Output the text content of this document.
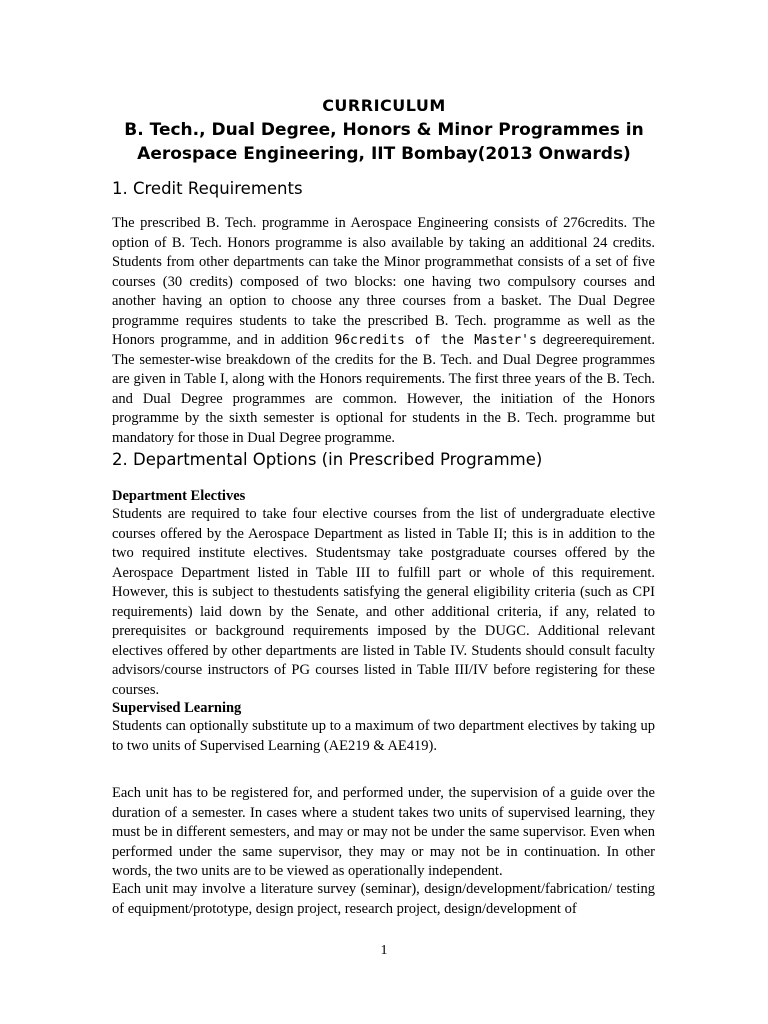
CURRICULUM
B. Tech., Dual Degree, Honors & Minor Programmes in
Aerospace Engineering, IIT Bombay(2013 Onwards)
1. Credit Requirements
The prescribed B. Tech. programme in Aerospace Engineering consists of 276credits. The option of B. Tech. Honors programme is also available by taking an additional 24 credits. Students from other departments can take the Minor programmethat consists of a set of five courses (30 credits) composed of two blocks: one having two compulsory courses and another having an option to choose any three courses from a basket. The Dual Degree programme requires students to take the prescribed B. Tech. programme as well as the Honors programme, and in addition 96credits of the Master's degreerequirement. The semester-wise breakdown of the credits for the B. Tech. and Dual Degree programmes are given in Table I, along with the Honors requirements. The first three years of the B. Tech. and Dual Degree programmes are common. However, the initiation of the Honors programme by the sixth semester is optional for students in the B. Tech. programme but mandatory for those in Dual Degree programme.
2. Departmental Options (in Prescribed Programme)
Department Electives
Students are required to take four elective courses from the list of undergraduate elective courses offered by the Aerospace Department as listed in Table II; this is in addition to the two required institute electives. Studentsmay take postgraduate courses offered by the Aerospace Department listed in Table III to fulfill part or whole of this requirement. However, this is subject to thestudents satisfying the general eligibility criteria (such as CPI requirements) laid down by the Senate, and other additional criteria, if any, related to prerequisites or background requirements imposed by the DUGC. Additional relevant electives offered by other departments are listed in Table IV. Students should consult faculty advisors/course instructors of PG courses listed in Table III/IV before registering for these courses.
Supervised Learning
Students can optionally substitute up to a maximum of two department electives by taking up to two units of Supervised Learning (AE219 & AE419).
Each unit has to be registered for, and performed under, the supervision of a guide over the duration of a semester. In cases where a student takes two units of supervised learning, they must be in different semesters, and may or may not be under the same supervisor. Even when performed under the same supervisor, they may or may not be in continuation. In other words, the two units are to be viewed as operationally independent.
Each unit may involve a literature survey (seminar), design/development/fabrication/ testing of equipment/prototype, design project, research project, design/development of
1
